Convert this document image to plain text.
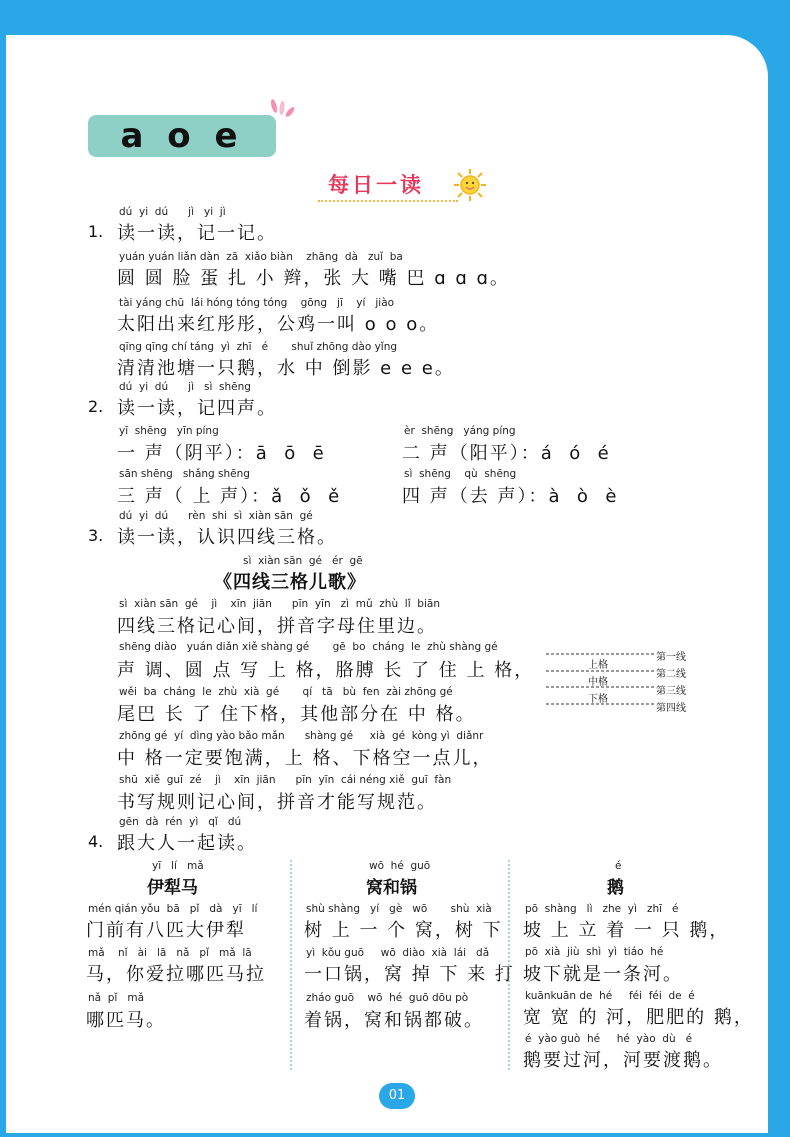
a o e
每日一读
dú  yi  dú      jì   yi  jì
1. 读一读，记一记。
yuán yuán liǎn dàn  zā  xiǎo biàn    zhāng  dà   zuǐ  ba
圆 圆 脸 蛋 扎 小 辫，张 大 嘴 巴 ɑ ɑ ɑ。
tài yáng chū  lái hóng tóng tóng    gōng   jī    yí   jiào
太阳出来红彤彤，公鸡一叫 o o o。
qīng qīng chí táng  yì  zhī   é       shuǐ zhōng dào yǐng
清清池塘一只鹅，水 中 倒影 e e e。
dú  yi  dú      jì   sì  shēng
2. 读一读，记四声。
yī  shēng   yīn píng
一 声（阴平）：ā  ō  ē
èr  shēng   yáng píng
二 声（阳平）：á  ó  é
sān shēng   shǎng shēng
三 声（ 上 声）：ǎ  ǒ  ě
sì  shēng    qù  shēng
四 声（去 声）：à  ò  è
dú  yi  dú      rèn  shi  sì  xiàn sān  gé
3. 读一读，认识四线三格。
sì  xiàn sān  gé   ér  gē
《四线三格儿歌》
sì  xiàn sān  gé    jì    xīn  jiān      pīn  yīn   zì  mǔ  zhù  lǐ  biān
四线三格记心间，拼音字母住里边。
shēng diào   yuán diǎn xiě shàng gé       gē  bo  cháng  le  zhù shàng gé
声 调、圆 点 写 上 格，胳膊 长 了 住 上 格，
wěi  ba  cháng  le  zhù  xià  gé       qí   tā   bù  fen  zài zhōng gé
尾巴 长 了 住下格，其他部分在 中 格。
zhōng gé  yí  dìng yào bǎo mǎn      shàng gé     xià  gé  kòng yì  diǎnr
中 格一定要饱满，上 格、下格空一点儿，
shū  xiě  guī  zé    jì    xīn  jiān      pīn  yīn  cái néng xiě  guī  fàn
书写规则记心间，拼音才能写规范。
上格
中格
下格
第一线
第二线
第三线
第四线
gēn  dà  rén  yì   qǐ   dú
4. 跟大人一起读。
yī   lí   mǎ
伊犁马
mén qián yǒu  bā   pǐ   dà   yī   lí
门前有八匹大伊犁
mǎ    nǐ   ài   lā   nǎ   pǐ   mǎ  lā
马，你爱拉哪匹马拉
nǎ  pǐ   mǎ
哪匹马。
wō  hé  guō
窝和锅
shù shàng   yí   gè   wō       shù  xià
树 上 一 个 窝，树 下
yì  kǒu guō     wō  diào  xià  lái   dǎ
一口锅，窝 掉 下 来 打
zháo guō    wō  hé  guō dōu pò
着锅，窝和锅都破。
é
鹅
pō  shàng   lì   zhe  yì   zhī   é
坡 上 立 着 一 只 鹅，
pō  xià  jiù  shì  yì  tiáo  hé
坡下就是一条河。
kuānkuān de  hé     féi  féi  de  é
宽 宽 的 河，肥肥的 鹅，
é  yào guò  hé     hé  yào  dù   é
鹅要过河，河要渡鹅。
01
